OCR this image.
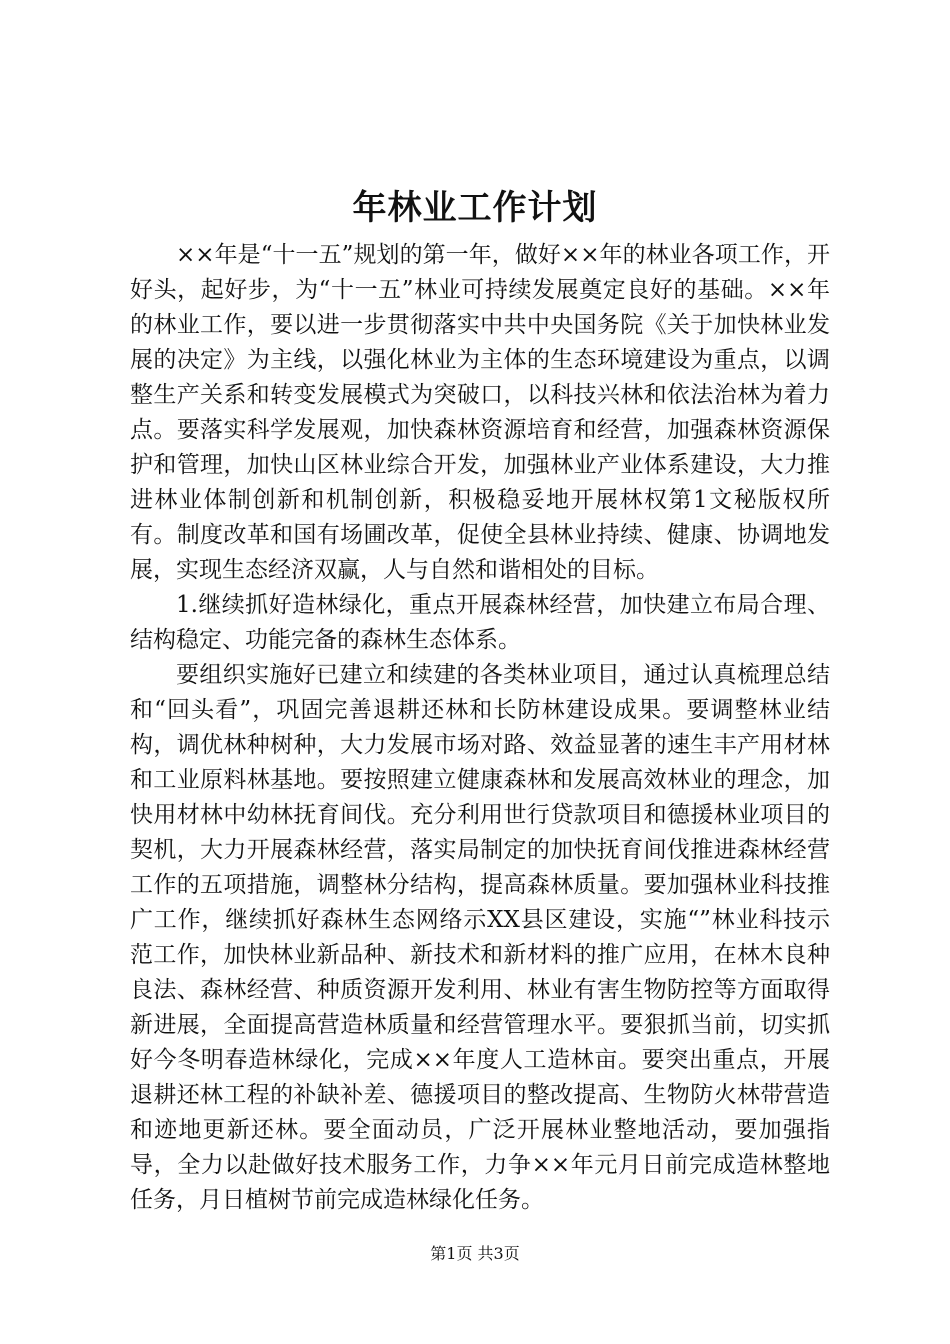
年林业工作计划

××年是“十一五”规划的第一年，做好××年的林业各项工作，开好头，起好步，为“十一五”林业可持续发展奠定良好的基础。××年的林业工作，要以进一步贯彻落实中共中央国务院《关于加快林业发展的决定》为主线，以强化林业为主体的生态环境建设为重点，以调整生产关系和转变发展模式为突破口，以科技兴林和依法治林为着力点。要落实科学发展观，加快森林资源培育和经营，加强森林资源保护和管理，加快山区林业综合开发，加强林业产业体系建设，大力推进林业体制创新和机制创新，积极稳妥地开展林权第1文秘版权所有。制度改革和国有场圃改革，促使全县林业持续、健康、协调地发展，实现生态经济双赢，人与自然和谐相处的目标。

1.继续抓好造林绿化，重点开展森林经营，加快建立布局合理、结构稳定、功能完备的森林生态体系。

要组织实施好已建立和续建的各类林业项目，通过认真梳理总结和“回头看”，巩固完善退耕还林和长防林建设成果。要调整林业结构，调优林种树种，大力发展市场对路、效益显著的速生丰产用材林和工业原料林基地。要按照建立健康森林和发展高效林业的理念，加快用材林中幼林抚育间伐。充分利用世行贷款项目和德援林业项目的契机，大力开展森林经营，落实局制定的加快抚育间伐推进森林经营工作的五项措施，调整林分结构，提高森林质量。要加强林业科技推广工作，继续抓好森林生态网络示XX县区建设，实施“”林业科技示范工作，加快林业新品种、新技术和新材料的推广应用，在林木良种良法、森林经营、种质资源开发利用、林业有害生物防控等方面取得新进展，全面提高营造林质量和经营管理水平。要狠抓当前，切实抓好今冬明春造林绿化，完成××年度人工造林亩。要突出重点，开展退耕还林工程的补缺补差、德援项目的整改提高、生物防火林带营造和迹地更新还林。要全面动员，广泛开展林业整地活动，要加强指导，全力以赴做好技术服务工作，力争××年元月日前完成造林整地任务，月日植树节前完成造林绿化任务。

第1页 共3页
